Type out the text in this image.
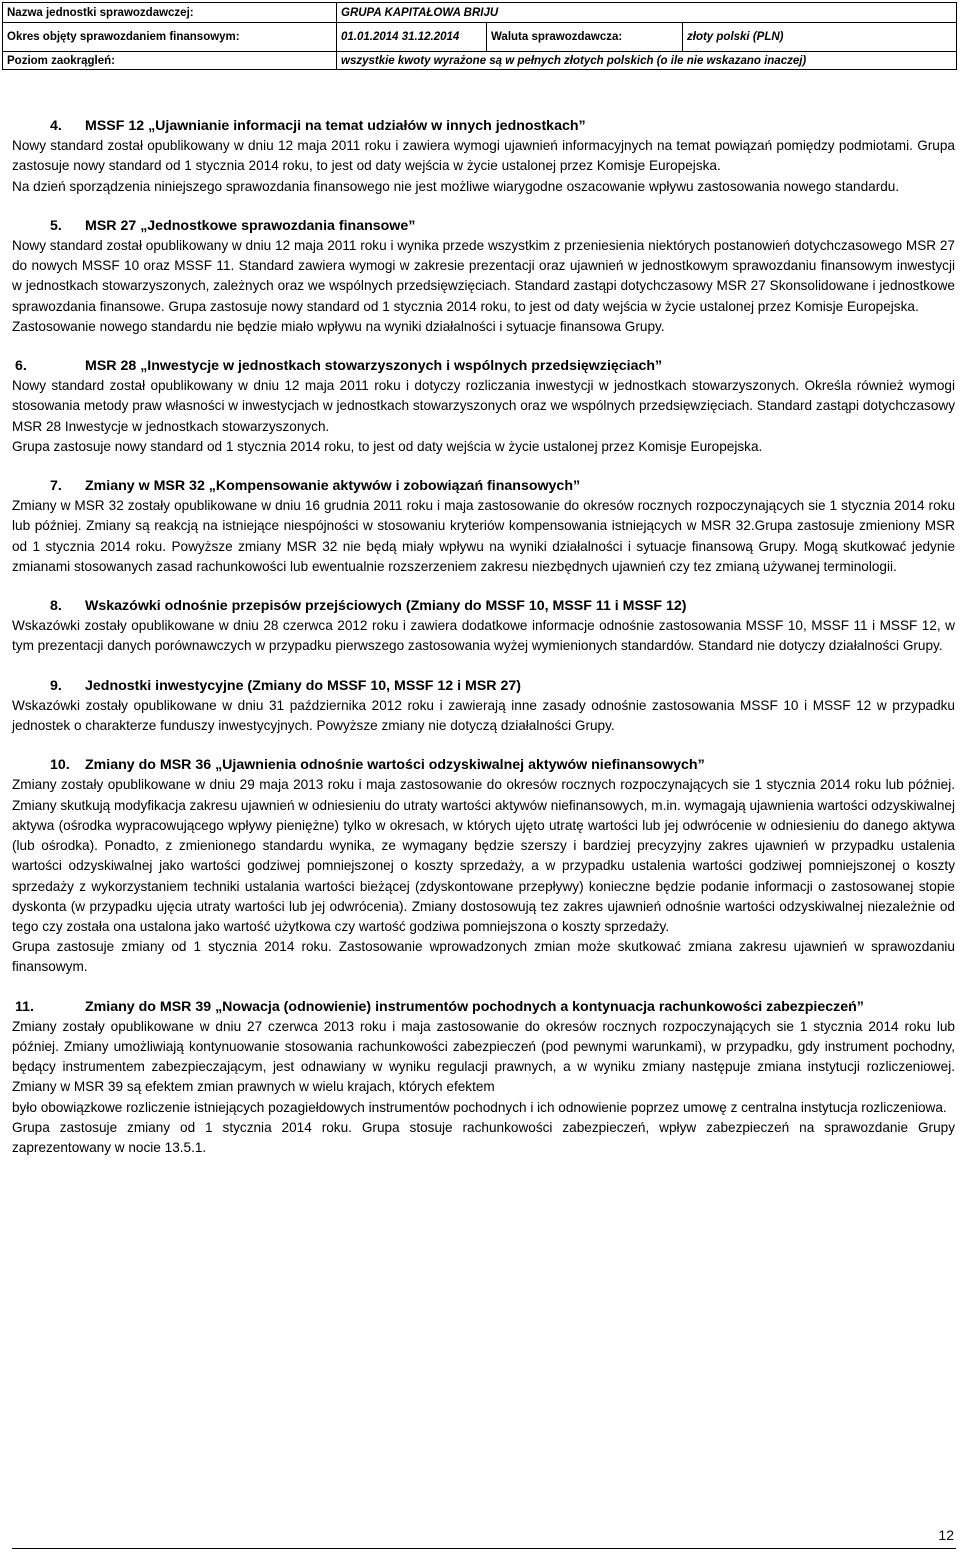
Nazwa jednostki sprawozdawczej:	GRUPA KAPITAŁOWA BRIJU		
Okres objęty sprawozdaniem finansowym:	01.01.2014 31.12.2014	Waluta sprawozdawcza:	złoty polski (PLN)
Poziom zaokrągleń:	wszystkie kwoty wyrażone są w pełnych złotych polskich (o ile nie wskazano inaczej)		
4. MSSF 12 „Ujawnianie informacji na temat udziałów w innych jednostkach”

Nowy standard został opublikowany w dniu 12 maja 2011 roku i zawiera wymogi ujawnień informacyjnych na temat powiązań pomiędzy podmiotami. Grupa zastosuje nowy standard od 1 stycznia 2014 roku, to jest od daty wejścia w życie ustalonej przez Komisje Europejska.

Na dzień sporządzenia niniejszego sprawozdania finansowego nie jest możliwe wiarygodne oszacowanie wpływu zastosowania nowego standardu.

5. MSR 27 „Jednostkowe sprawozdania finansowe”

Nowy standard został opublikowany w dniu 12 maja 2011 roku i wynika przede wszystkim z przeniesienia niektórych postanowień dotychczasowego MSR 27 do nowych MSSF 10 oraz MSSF 11. Standard zawiera wymogi w zakresie prezentacji oraz ujawnień w jednostkowym sprawozdaniu finansowym inwestycji w jednostkach stowarzyszonych, zależnych oraz we wspólnych przedsięwzięciach. Standard zastąpi dotychczasowy MSR 27 Skonsolidowane i jednostkowe sprawozdania finansowe. Grupa zastosuje nowy standard od 1 stycznia 2014 roku, to jest od daty wejścia w życie ustalonej przez Komisje Europejska.

Zastosowanie nowego standardu nie będzie miało wpływu na wyniki działalności i sytuacje finansowa Grupy.

6.	MSR 28 „Inwestycje w jednostkach stowarzyszonych i wspólnych przedsięwzięciach”

Nowy standard został opublikowany w dniu 12 maja 2011 roku i dotyczy rozliczania inwestycji w jednostkach stowarzyszonych. Określa również wymogi stosowania metody praw własności w inwestycjach w jednostkach stowarzyszonych oraz we wspólnych przedsięwzięciach. Standard zastąpi dotychczasowy MSR 28 Inwestycje w jednostkach stowarzyszonych.

Grupa zastosuje nowy standard od 1 stycznia 2014 roku, to jest od daty wejścia w życie ustalonej przez Komisje Europejska.

7. Zmiany w MSR 32 „Kompensowanie aktywów i zobowiązań finansowych”

Zmiany w MSR 32 zostały opublikowane w dniu 16 grudnia 2011 roku i maja zastosowanie do okresów rocznych rozpoczynających sie 1 stycznia 2014 roku lub później. Zmiany są reakcją na istniejące niespójności w stosowaniu kryteriów kompensowania istniejących w MSR 32.Grupa zastosuje zmieniony MSR od 1 stycznia 2014 roku. Powyższe zmiany MSR 32 nie będą miały wpływu na wyniki działalności i sytuacje finansową Grupy. Mogą skutkować jedynie zmianami stosowanych zasad rachunkowości lub ewentualnie rozszerzeniem zakresu niezbędnych ujawnień czy tez zmianą używanej terminologii.

8. Wskazówki odnośnie przepisów przejściowych (Zmiany do MSSF 10, MSSF 11 i MSSF 12)

Wskazówki zostały opublikowane w dniu 28 czerwca 2012 roku i zawiera dodatkowe informacje odnośnie zastosowania MSSF 10, MSSF 11 i MSSF 12, w tym prezentacji danych porównawczych w przypadku pierwszego zastosowania wyżej wymienionych standardów. Standard nie dotyczy działalności Grupy.

9. Jednostki inwestycyjne (Zmiany do MSSF 10, MSSF 12 i MSR 27)

Wskazówki zostały opublikowane w dniu 31 października 2012 roku i zawierają inne zasady odnośnie zastosowania MSSF 10 i MSSF 12 w przypadku jednostek o charakterze funduszy inwestycyjnych. Powyższe zmiany nie dotyczą działalności Grupy.

10. Zmiany do MSR 36 „Ujawnienia odnośnie wartości odzyskiwalnej aktywów niefinansowych”

Zmiany zostały opublikowane w dniu 29 maja 2013 roku i maja zastosowanie do okresów rocznych rozpoczynających sie 1 stycznia 2014 roku lub później. Zmiany skutkują modyfikacja zakresu ujawnień w odniesieniu do utraty wartości aktywów niefinansowych, m.in. wymagają ujawnienia wartości odzyskiwalnej aktywa (ośrodka wypracowującego wpływy pieniężne) tylko w okresach, w których ujęto utratę wartości lub jej odwrócenie w odniesieniu do danego aktywa (lub ośrodka). Ponadto, z zmienionego standardu wynika, ze wymagany będzie szerszy i bardziej precyzyjny zakres ujawnień w przypadku ustalenia wartości odzyskiwalnej jako wartości godziwej pomniejszonej o koszty sprzedaży, a w przypadku ustalenia wartości godziwej pomniejszonej o koszty sprzedaży z wykorzystaniem techniki ustalania wartości bieżącej (zdyskontowane przepływy) konieczne będzie podanie informacji o zastosowanej stopie dyskonta (w przypadku ujęcia utraty wartości lub jej odwrócenia). Zmiany dostosowują tez zakres ujawnień odnośnie wartości odzyskiwalnej niezależnie od tego czy została ona ustalona jako wartość użytkowa czy wartość godziwa pomniejszona o koszty sprzedaży.

Grupa zastosuje zmiany od 1 stycznia 2014 roku. Zastosowanie wprowadzonych zmian może skutkować zmiana zakresu ujawnień w sprawozdaniu finansowym.

11.	Zmiany do MSR 39 „Nowacja (odnowienie) instrumentów pochodnych a kontynuacja rachunkowości zabezpieczeń”

Zmiany zostały opublikowane w dniu 27 czerwca 2013 roku i maja zastosowanie do okresów rocznych rozpoczynających sie 1 stycznia 2014 roku lub później. Zmiany umożliwiają kontynuowanie stosowania rachunkowości zabezpieczeń (pod pewnymi warunkami), w przypadku, gdy instrument pochodny, będący instrumentem zabezpieczającym, jest odnawiany w wyniku regulacji prawnych, a w wyniku zmiany następuje zmiana instytucji rozliczeniowej. Zmiany w MSR 39 są efektem zmian prawnych w wielu krajach, których efektem

było obowiązkowe rozliczenie istniejących pozagiełdowych instrumentów pochodnych i ich odnowienie poprzez umowę z centralna instytucja rozliczeniowa.

Grupa zastosuje zmiany od 1 stycznia 2014 roku. Grupa stosuje rachunkowości zabezpieczeń, wpływ zabezpieczeń na sprawozdanie Grupy zaprezentowany w nocie 13.5.1.

12
